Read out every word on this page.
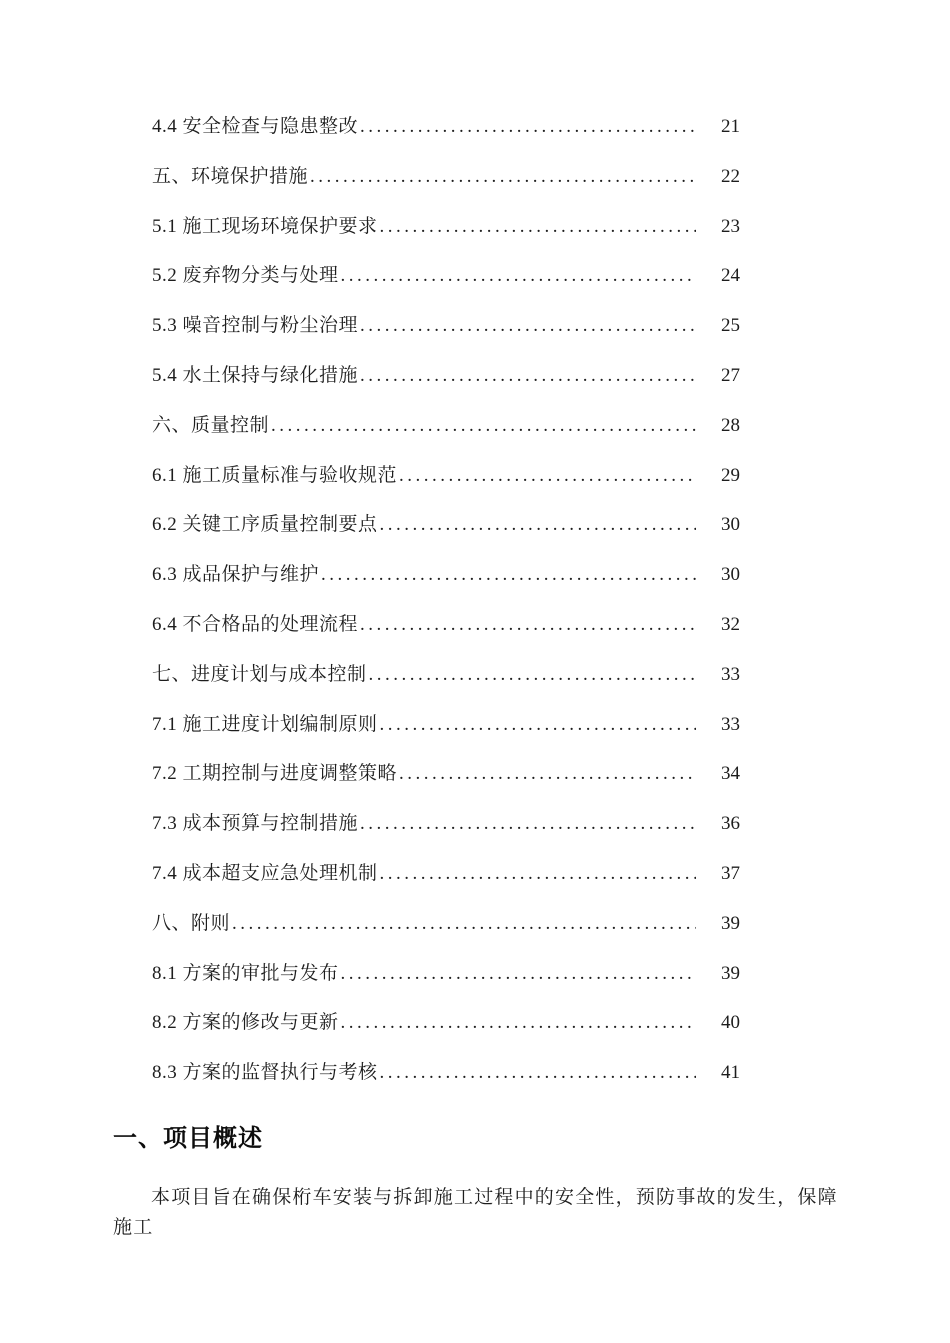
4.4 安全检查与隐患整改 .....	21
五、环境保护措施 .....	22
5.1 施工现场环境保护要求 .....	23
5.2 废弃物分类与处理 .....	24
5.3 噪音控制与粉尘治理 .....	25
5.4 水土保持与绿化措施 .....	27
六、质量控制 .....	28
6.1 施工质量标准与验收规范 .....	29
6.2 关键工序质量控制要点 .....	30
6.3 成品保护与维护 .....	30
6.4 不合格品的处理流程 .....	32
七、进度计划与成本控制 .....	33
7.1 施工进度计划编制原则 .....	33
7.2 工期控制与进度调整策略 .....	34
7.3 成本预算与控制措施 .....	36
7.4 成本超支应急处理机制 .....	37
八、附则 .....	39
8.1 方案的审批与发布 .....	39
8.2 方案的修改与更新 .....	40
8.3 方案的监督执行与考核 .....	41
一、项目概述

本项目旨在确保桁车安装与拆卸施工过程中的安全性，预防事故的发生，保障施工
